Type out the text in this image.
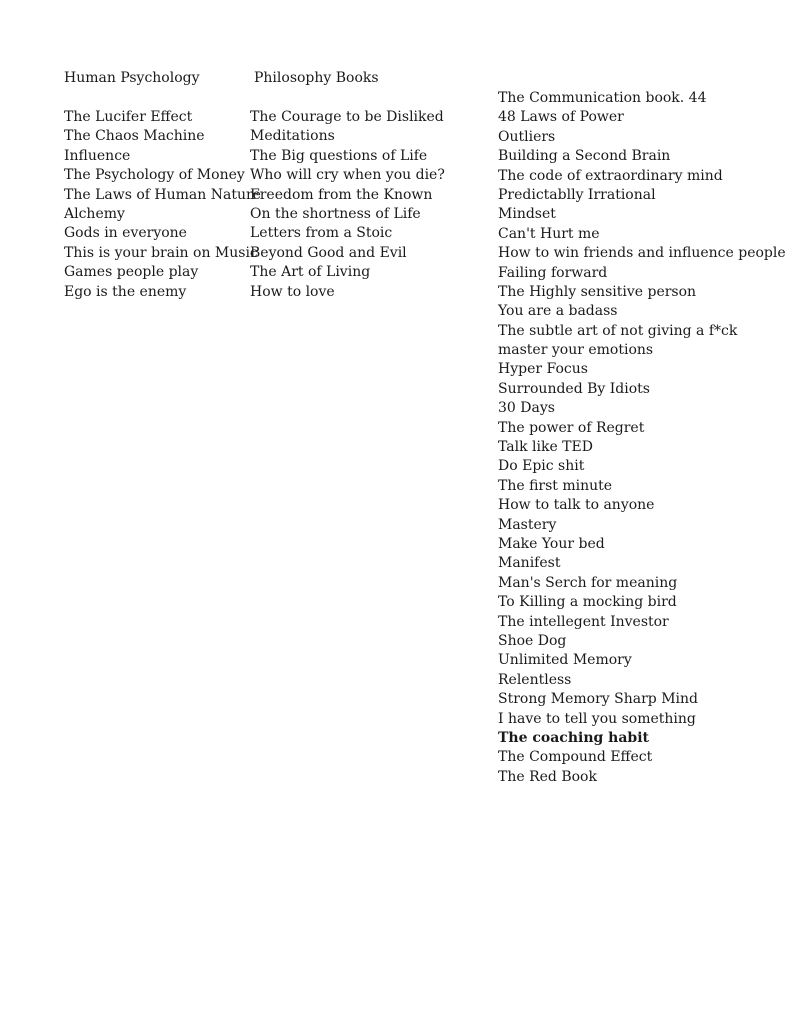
Human Psychology
The Lucifer Effect
The Chaos Machine
Influence
The Psychology of Money
The Laws of Human Nature
Alchemy
Gods in everyone
This is your brain on Music
Games people play
Ego is the enemy
Philosophy Books
The Courage to be Disliked
Meditations
The Big questions of Life
Who will cry when you die?
Freedom from the Known
On the shortness of Life
Letters from a Stoic
Beyond Good and Evil
The Art of Living
How to love
The Communication book. 44
48 Laws of Power
Outliers
Building a Second Brain
The code of extraordinary mind
Predictablly Irrational
Mindset
Can't Hurt me
How to win friends and influence people
Failing forward
The Highly sensitive person
You are a badass
The subtle art of not giving a f*ck
master your emotions
Hyper Focus
Surrounded By Idiots
30 Days
The power of Regret
Talk like TED
Do Epic shit
The first minute
How to talk to anyone
Mastery
Make Your bed
Manifest
Man's Serch for meaning
To Killing a mocking bird
The intellegent Investor
Shoe Dog
Unlimited Memory
Relentless
Strong Memory Sharp Mind
I have to tell you something
The coaching habit
The Compound Effect
The Red Book
